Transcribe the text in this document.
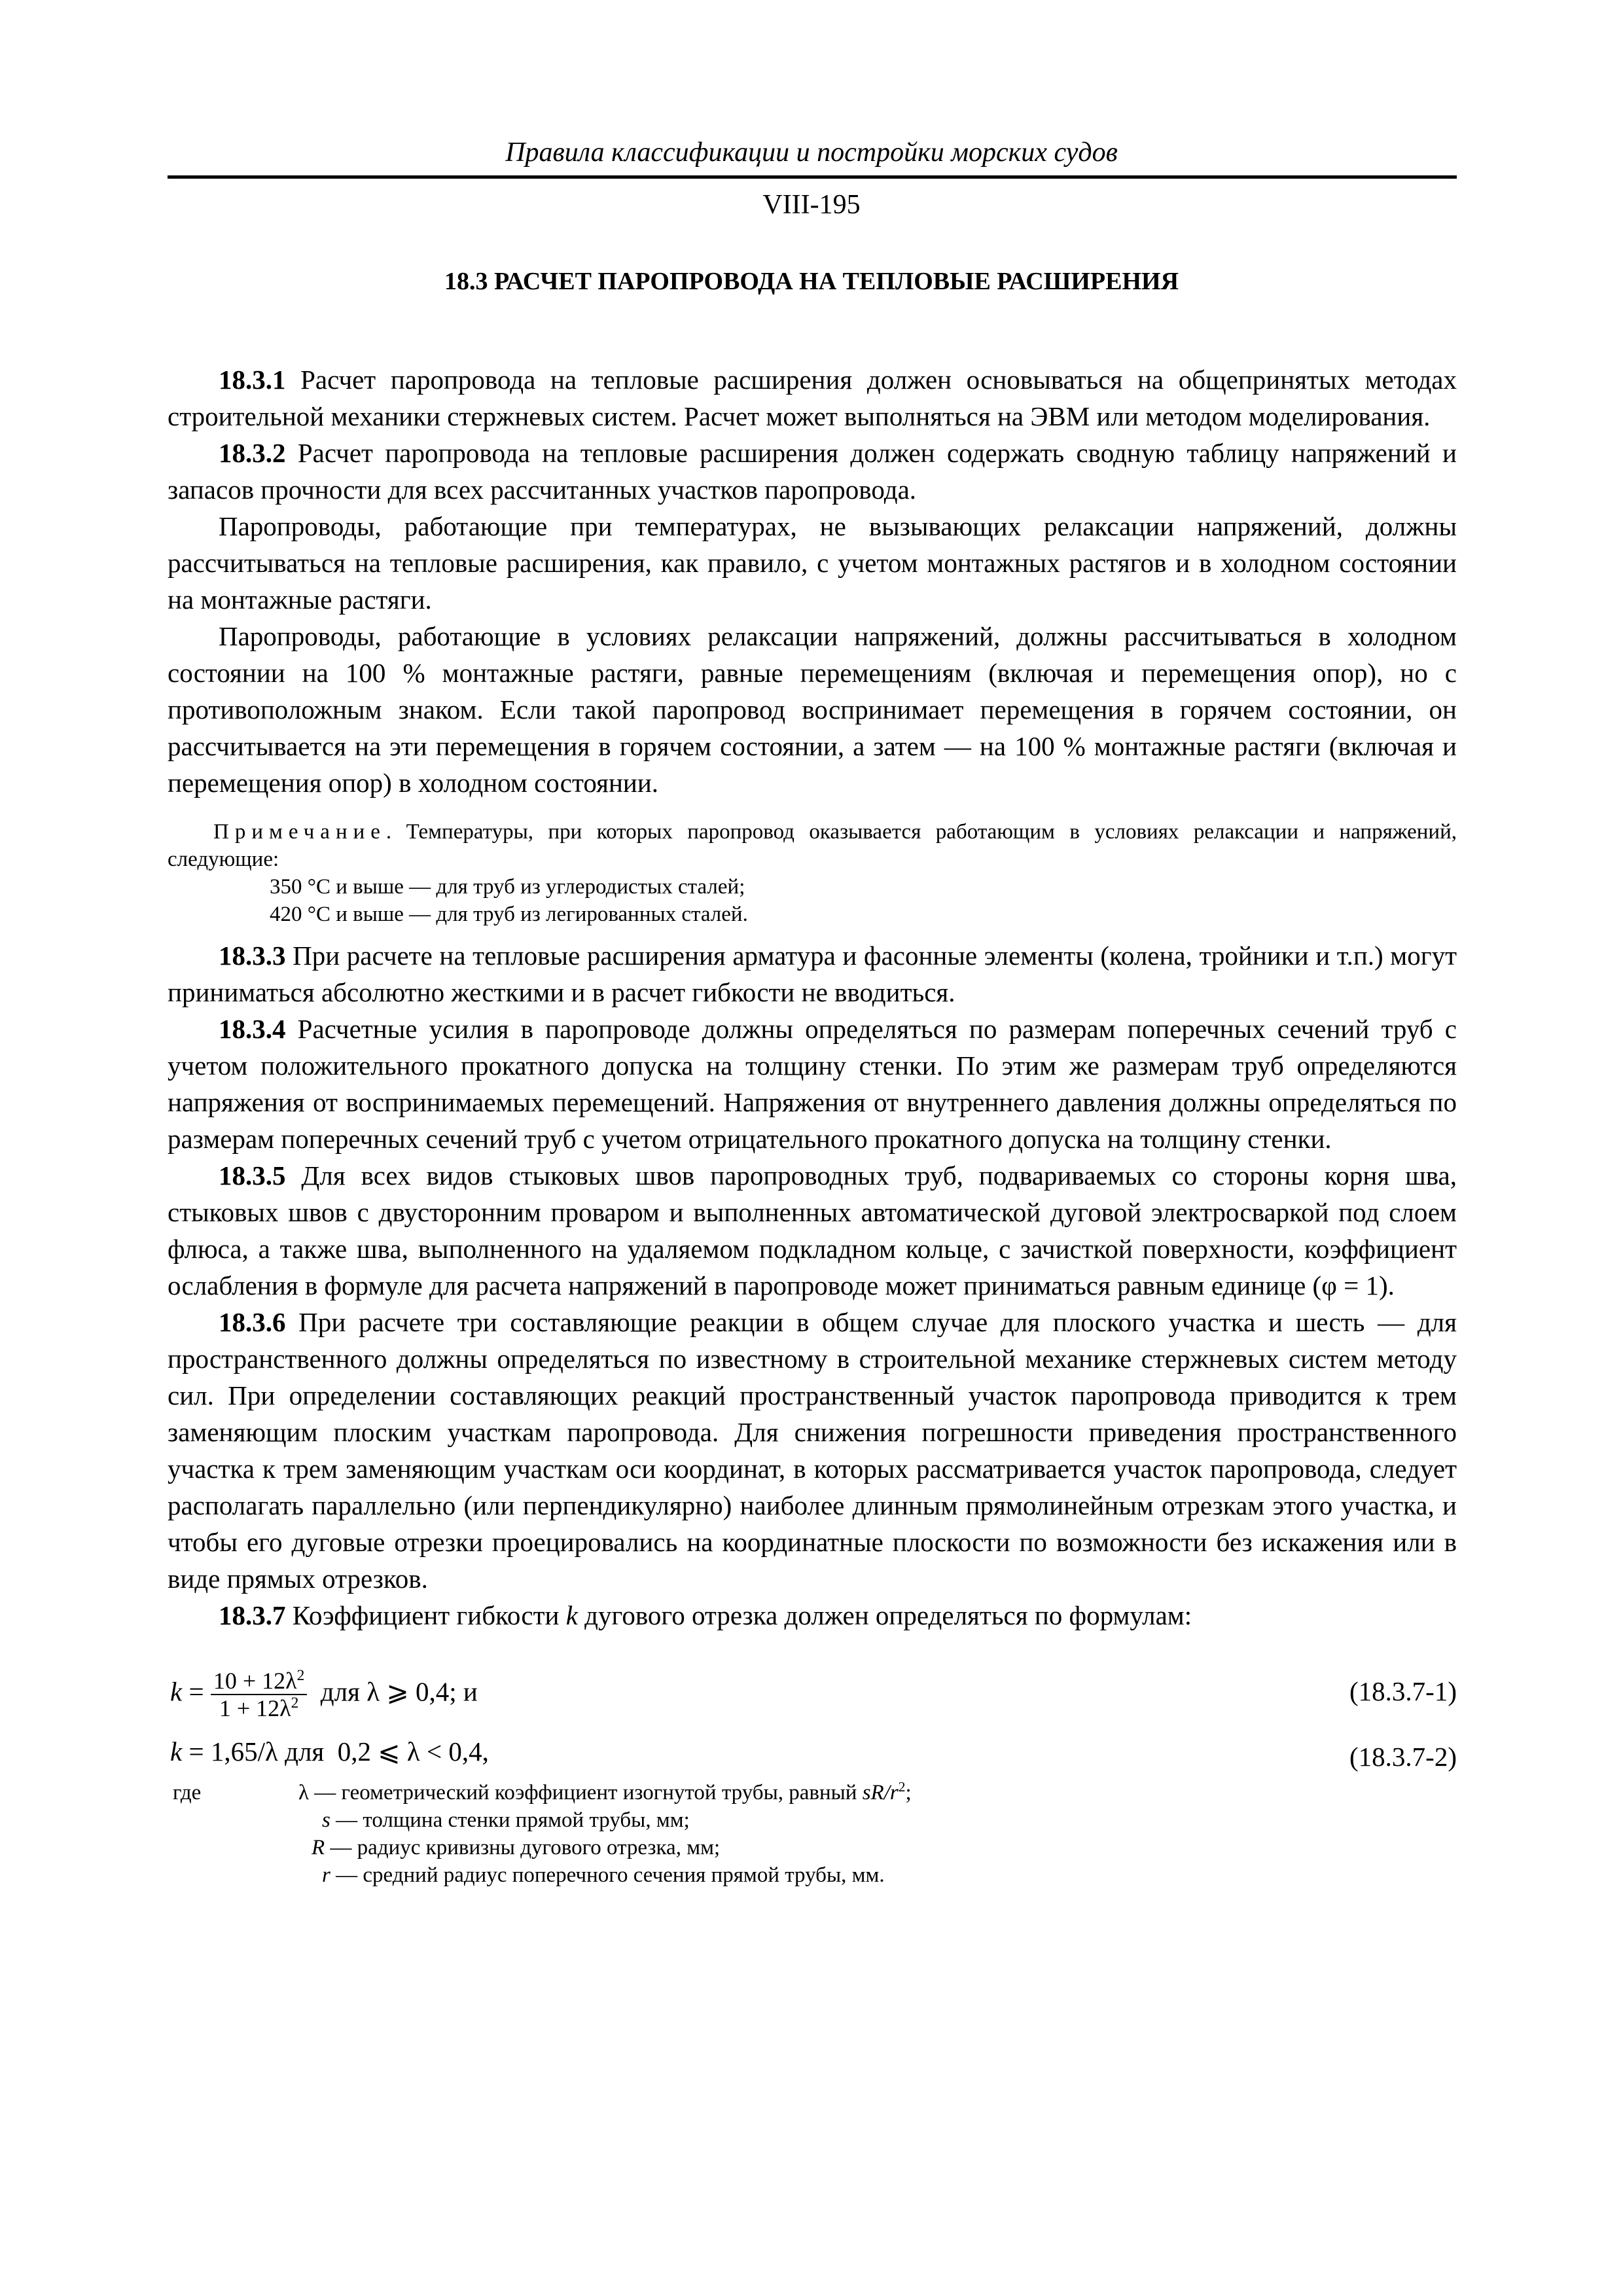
Правила классификации и постройки морских судов
VIII-195
18.3 РАСЧЕТ ПАРОПРОВОДА НА ТЕПЛОВЫЕ РАСШИРЕНИЯ

18.3.1 Расчет паропровода на тепловые расширения должен основываться на общепринятых методах строительной механики стержневых систем. Расчет может выполняться на ЭВМ или методом моделирования.

18.3.2 Расчет паропровода на тепловые расширения должен содержать сводную таблицу напряжений и запасов прочности для всех рассчитанных участков паропровода.

Паропроводы, работающие при температурах, не вызывающих релаксации напряжений, должны рассчитываться на тепловые расширения, как правило, с учетом монтажных растягов и в холодном состоянии на монтажные растяги.

Паропроводы, работающие в условиях релаксации напряжений, должны рассчитываться в холодном состоянии на 100 % монтажные растяги, равные перемещениям (включая и перемещения опор), но с противоположным знаком. Если такой паропровод воспринимает перемещения в горячем состоянии, он рассчитывается на эти перемещения в горячем состоянии, а затем — на 100 % монтажные растяги (включая и перемещения опор) в холодном состоянии.

Примечание. Температуры, при которых паропровод оказывается работающим в условиях релаксации и напряжений, следующие:

350 °С и выше — для труб из углеродистых сталей;

420 °С и выше — для труб из легированных сталей.

18.3.3 При расчете на тепловые расширения арматура и фасонные элементы (колена, тройники и т.п.) могут приниматься абсолютно жесткими и в расчет гибкости не вводиться.

18.3.4 Расчетные усилия в паропроводе должны определяться по размерам поперечных сечений труб с учетом положительного прокатного допуска на толщину стенки. По этим же размерам труб определяются напряжения от воспринимаемых перемещений. Напряжения от внутреннего давления должны определяться по размерам поперечных сечений труб с учетом отрицательного прокатного допуска на толщину стенки.

18.3.5 Для всех видов стыковых швов паропроводных труб, подвариваемых со стороны корня шва, стыковых швов с двусторонним проваром и выполненных автоматической дуговой электросваркой под слоем флюса, а также шва, выполненного на удаляемом подкладном кольце, с зачисткой поверхности, коэффициент ослабления в формуле для расчета напряжений в паропроводе может приниматься равным единице (φ = 1).

18.3.6 При расчете три составляющие реакции в общем случае для плоского участка и шесть — для пространственного должны определяться по известному в строительной механике стержневых систем методу сил. При определении составляющих реакций пространственный участок паропровода приводится к трем заменяющим плоским участкам паропровода. Для снижения погрешности приведения пространственного участка к трем заменяющим участкам оси координат, в которых рассматривается участок паропровода, следует располагать параллельно (или перпендикулярно) наиболее длинным прямолинейным отрезкам этого участка, и чтобы его дуговые отрезки проецировались на координатные плоскости по возможности без искажения или в виде прямых отрезков.

18.3.7 Коэффициент гибкости k дугового отрезка должен определяться по формулам:

$k = \frac{10 + 12\lambda^2}{1 + 12\lambda^2}$ для λ ⩾ 0,4; и	(18.3.7-1)
k = 1,65/λ для  0,2 ⩽ λ < 0,4,	(18.3.7-2)
где	λ — геометрический коэффициент изогнутой трубы, равный $sR/r^2$;
s — толщина стенки прямой трубы, мм;
R — радиус кривизны дугового отрезка, мм;
r — средний радиус поперечного сечения прямой трубы, мм.
